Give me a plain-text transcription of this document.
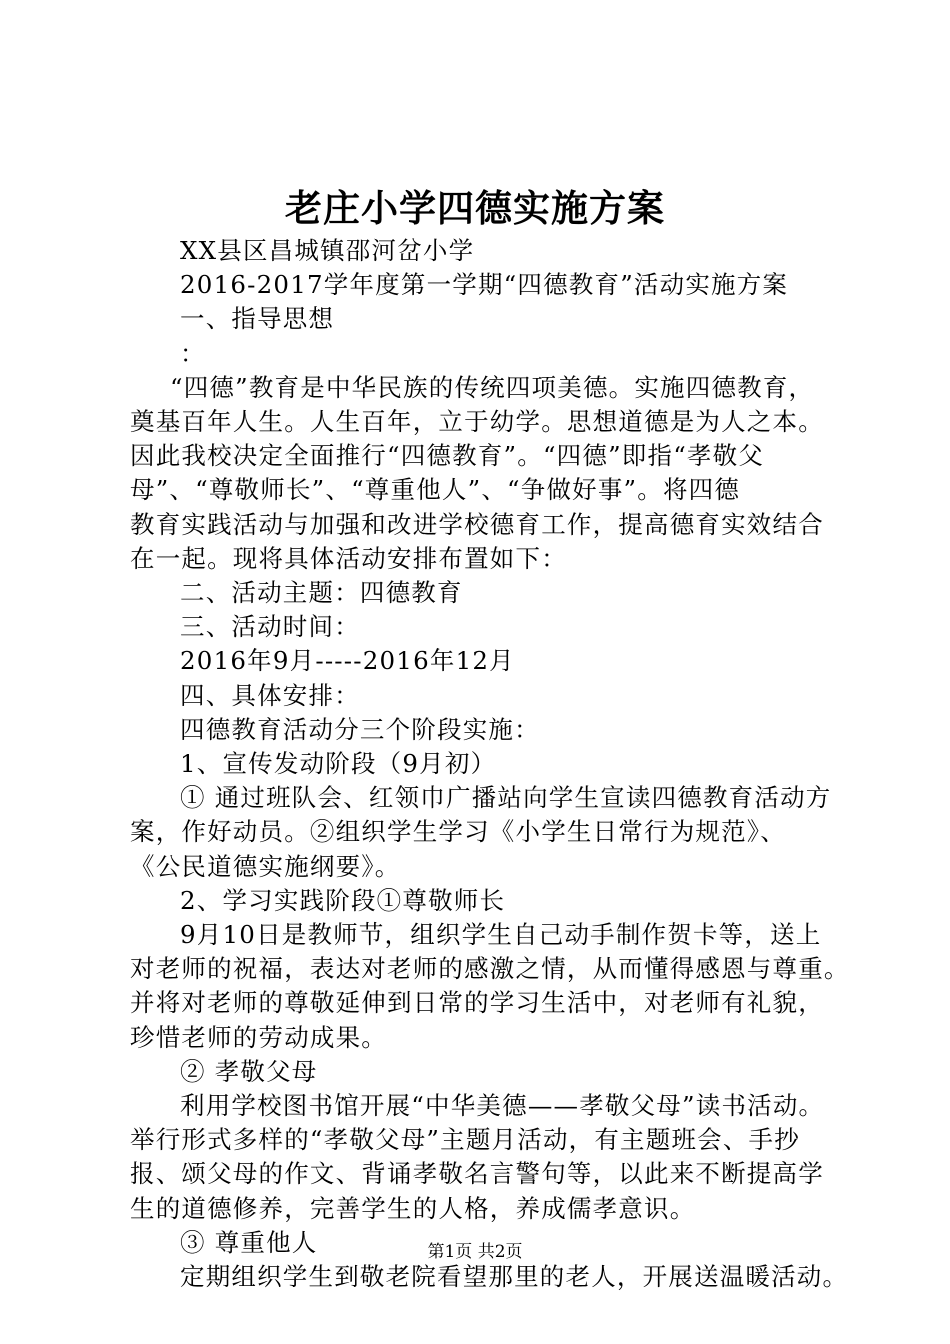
老庄小学四德实施方案

XX县区昌城镇邵河岔小学

2016-2017学年度第一学期“四德教育”活动实施方案

一、指导思想

：

“四德”教育是中华民族的传统四项美德。实施四德教育，

奠基百年人生。人生百年，立于幼学。思想道德是为人之本。

因此我校决定全面推行“四德教育”。“四德”即指“孝敬父

母”、“尊敬师长”、“尊重他人”、“争做好事”。将四德

教育实践活动与加强和改进学校德育工作，提高德育实效结合

在一起。现将具体活动安排布置如下：

二、活动主题：四德教育

三、活动时间：

2016年9月-----2016年12月

四、具体安排：

四德教育活动分三个阶段实施：

1、宣传发动阶段（9月初）

① 通过班队会、红领巾广播站向学生宣读四德教育活动方

案，作好动员。②组织学生学习《小学生日常行为规范》、

《公民道德实施纲要》。

2、学习实践阶段①尊敬师长

9月10日是教师节，组织学生自己动手制作贺卡等，送上

对老师的祝福，表达对老师的感激之情，从而懂得感恩与尊重。

并将对老师的尊敬延伸到日常的学习生活中，对老师有礼貌，

珍惜老师的劳动成果。

② 孝敬父母

利用学校图书馆开展“中华美德——孝敬父母”读书活动。

举行形式多样的“孝敬父母”主题月活动，有主题班会、手抄

报、颂父母的作文、背诵孝敬名言警句等，以此来不断提高学

生的道德修养，完善学生的人格，养成儒孝意识。

③ 尊重他人

定期组织学生到敬老院看望那里的老人，开展送温暖活动。

第1页 共2页
